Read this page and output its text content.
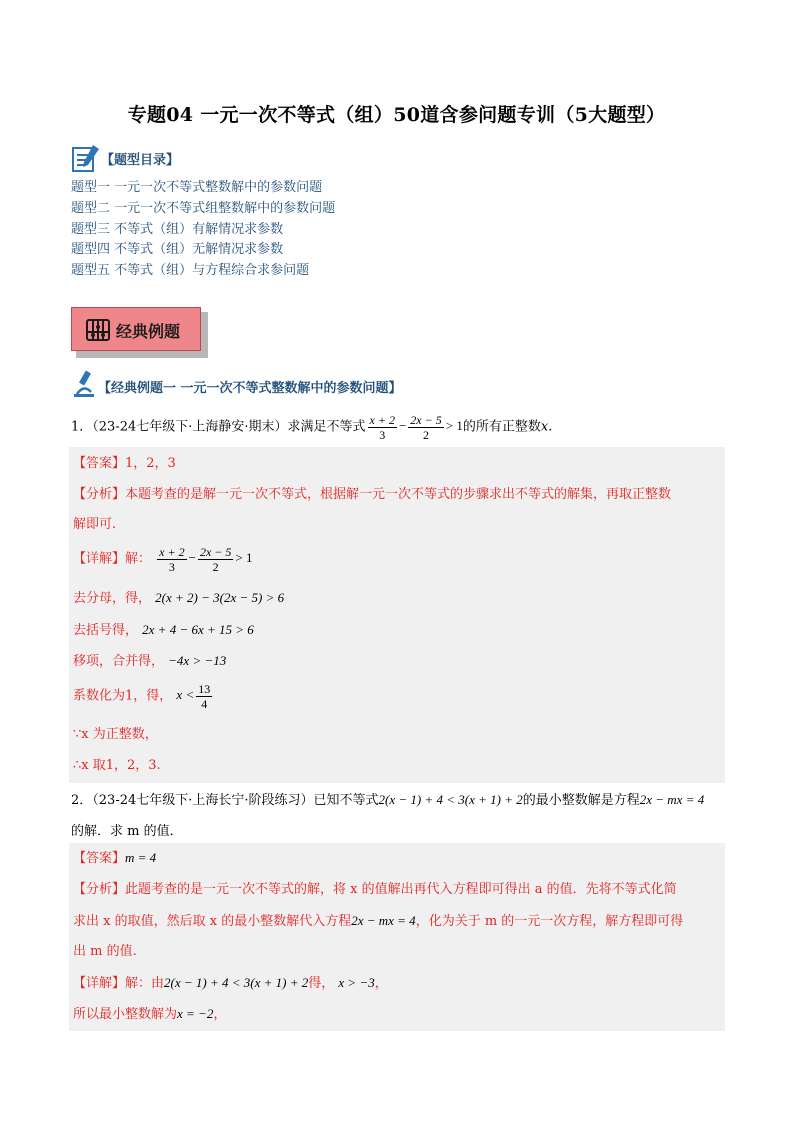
专题04 一元一次不等式（组）50道含参问题专训（5大题型）
【题型目录】
题型一 一元一次不等式整数解中的参数问题
题型二 一元一次不等式组整数解中的参数问题
题型三 不等式（组）有解情况求参数
题型四 不等式（组）无解情况求参数
题型五 不等式（组）与方程综合求参问题
经典例题
【经典例题一 一元一次不等式整数解中的参数问题】
1．（23-24七年级下·上海静安·期末）求满足不等式 $\frac{x + 2}{3} - \frac{2x - 5}{2} > 1$的所有正整数x.
【答案】1，2，3
【分析】本题考查的是解一元一次不等式，根据解一元一次不等式的步骤求出不等式的解集，再取正整数
解即可.
【详解】解： $\frac{x + 2}{3} - \frac{2x - 5}{2} > 1$
去分母，得， 2(x + 2) − 3(2x − 5) > 6
去括号得， 2x + 4 − 6x + 15 > 6
移项，合并得， −4x > −13
系数化为1，得， $x < \frac{13}{4}$
∵x 为正整数，
∴x 取1，2，3.
2．（23-24七年级下·上海长宁·阶段练习）已知不等式2(x − 1) + 4 < 3(x + 1) + 2的最小整数解是方程2x − mx = 4
的解．求 m 的值．
【答案】m = 4
【分析】此题考查的是一元一次不等式的解，将 x 的值解出再代入方程即可得出 a 的值．先将不等式化简
求出 x 的取值，然后取 x 的最小整数解代入方程2x − mx = 4，化为关于 m 的一元一次方程，解方程即可得
出 m 的值.
【详解】解：由2(x − 1) + 4 < 3(x + 1) + 2得， x > −3，
所以最小整数解为x = −2，
